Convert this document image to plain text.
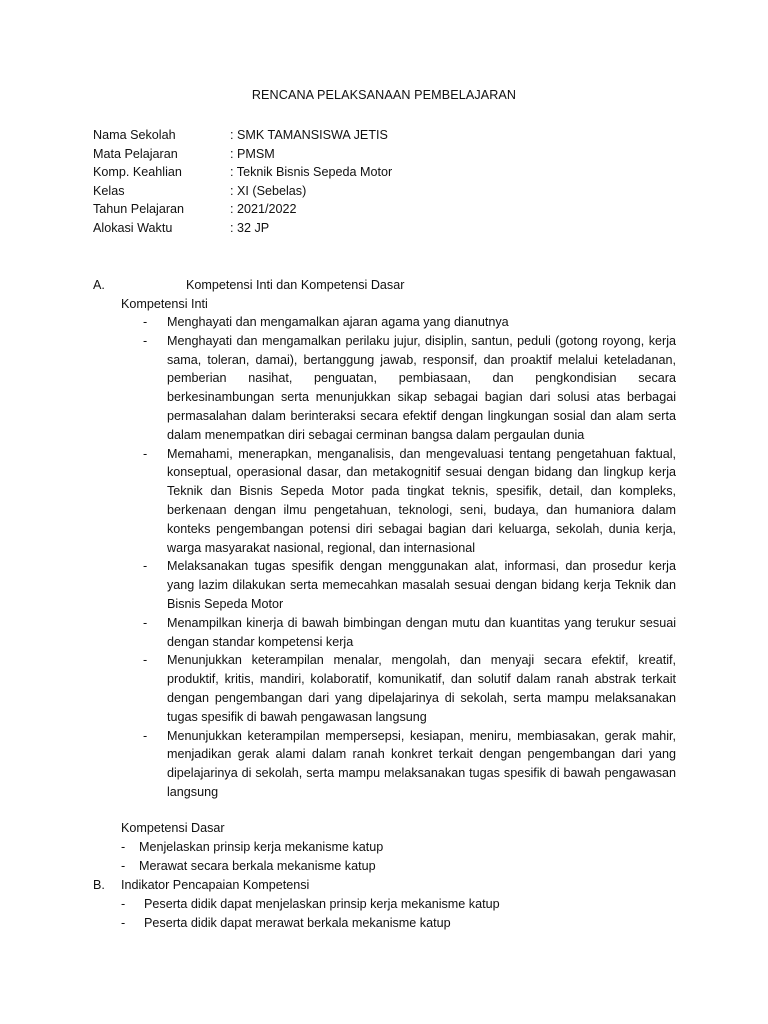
RENCANA PELAKSANAAN PEMBELAJARAN
Nama Sekolah	: SMK TAMANSISWA JETIS
Mata Pelajaran	: PMSM
Komp. Keahlian	: Teknik Bisnis Sepeda Motor
Kelas	: XI (Sebelas)
Tahun Pelajaran	: 2021/2022
Alokasi Waktu	: 32 JP
A.	Kompetensi Inti dan Kompetensi Dasar
Kompetensi Inti
- Menghayati dan mengamalkan ajaran agama yang dianutnya
- Menghayati dan mengamalkan perilaku jujur, disiplin, santun, peduli (gotong royong, kerja sama, toleran, damai), bertanggung jawab, responsif, dan proaktif melalui keteladanan, pemberian nasihat, penguatan, pembiasaan, dan pengkondisian secara berkesinambungan serta menunjukkan sikap sebagai bagian dari solusi atas berbagai permasalahan dalam berinteraksi secara efektif dengan lingkungan sosial dan alam serta dalam menempatkan diri sebagai cerminan bangsa dalam pergaulan dunia
- Memahami, menerapkan, menganalisis, dan mengevaluasi tentang pengetahuan faktual, konseptual, operasional dasar, dan metakognitif sesuai dengan bidang dan lingkup kerja Teknik dan Bisnis Sepeda Motor pada tingkat teknis, spesifik, detail, dan kompleks, berkenaan dengan ilmu pengetahuan, teknologi, seni, budaya, dan humaniora dalam konteks pengembangan potensi diri sebagai bagian dari keluarga, sekolah, dunia kerja, warga masyarakat nasional, regional, dan internasional
- Melaksanakan tugas spesifik dengan menggunakan alat, informasi, dan prosedur kerja yang lazim dilakukan serta memecahkan masalah sesuai dengan bidang kerja Teknik dan Bisnis Sepeda Motor
- Menampilkan kinerja di bawah bimbingan dengan mutu dan kuantitas yang terukur sesuai dengan standar kompetensi kerja
- Menunjukkan keterampilan menalar, mengolah, dan menyaji secara efektif, kreatif, produktif, kritis, mandiri, kolaboratif, komunikatif, dan solutif dalam ranah abstrak terkait dengan pengembangan dari yang dipelajarinya di sekolah, serta mampu melaksanakan tugas spesifik di bawah pengawasan langsung
- Menunjukkan keterampilan mempersepsi, kesiapan, meniru, membiasakan, gerak mahir, menjadikan gerak alami dalam ranah konkret terkait dengan pengembangan dari yang dipelajarinya di sekolah, serta mampu melaksanakan tugas spesifik di bawah pengawasan langsung
Kompetensi Dasar
- Menjelaskan prinsip kerja mekanisme katup
- Merawat secara berkala mekanisme katup
B. Indikator Pencapaian Kompetensi
- Peserta didik dapat menjelaskan prinsip kerja mekanisme katup
- Peserta didik dapat merawat berkala mekanisme katup
